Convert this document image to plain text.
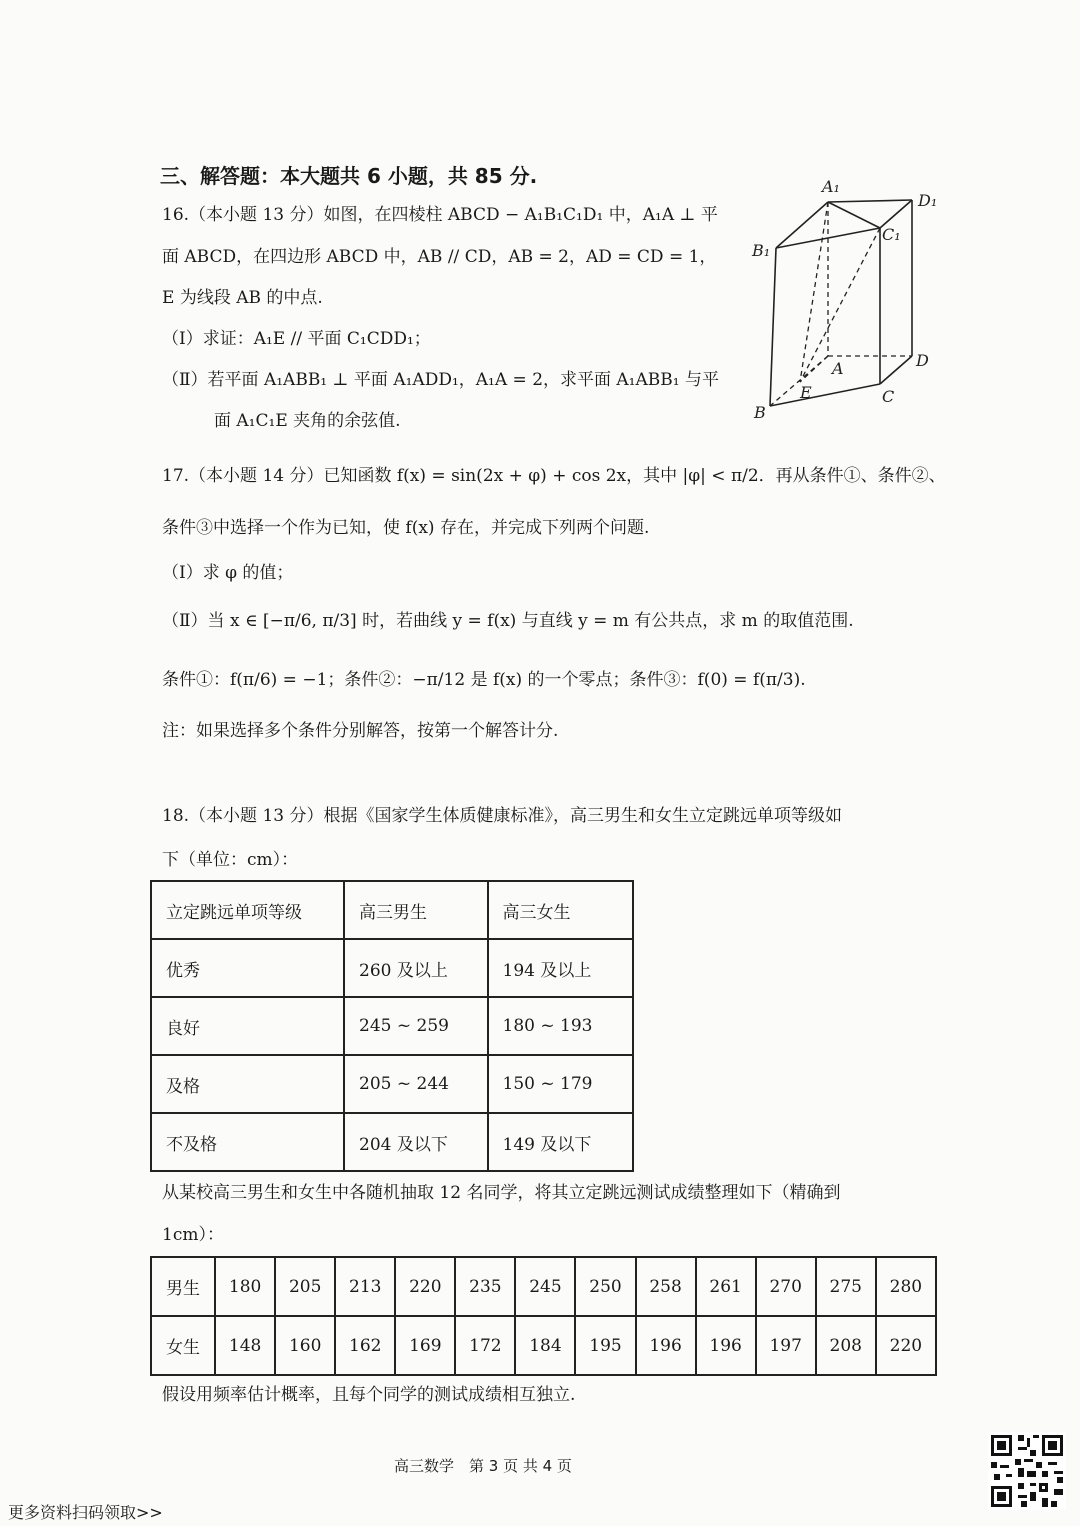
三、解答题：本大题共 6 小题，共 85 分.
16.（本小题 13 分）如图，在四棱柱 ABCD − A₁B₁C₁D₁ 中，A₁A ⊥ 平
面 ABCD，在四边形 ABCD 中，AB // CD，AB = 2，AD = CD = 1，
E 为线段 AB 的中点.
（Ⅰ）求证：A₁E // 平面 C₁CDD₁；
（Ⅱ）若平面 A₁ABB₁ ⊥ 平面 A₁ADD₁，A₁A = 2，求平面 A₁ABB₁ 与平
面 A₁C₁E 夹角的余弦值.
A₁
D₁
B₁
C₁
A	D
E
B
C
17.（本小题 14 分）已知函数 f(x) = sin(2x + φ) + cos 2x，其中 |φ| < π/2．再从条件①、条件②、
条件③中选择一个作为已知，使 f(x) 存在，并完成下列两个问题.
（Ⅰ）求 φ 的值；
（Ⅱ）当 x ∈ [−π/6, π/3] 时，若曲线 y = f(x) 与直线 y = m 有公共点，求 m 的取值范围.
条件①：f(π/6) = −1；条件②：−π/12 是 f(x) 的一个零点；条件③：f(0) = f(π/3).
注：如果选择多个条件分别解答，按第一个解答计分.
18.（本小题 13 分）根据《国家学生体质健康标准》，高三男生和女生立定跳远单项等级如
下（单位：cm）：
立定跳远单项等级	高三男生	高三女生
优秀	260 及以上	194 及以上
良好	245 ~ 259	180 ~ 193
及格	205 ~ 244	150 ~ 179
不及格	204 及以下	149 及以下
从某校高三男生和女生中各随机抽取 12 名同学，将其立定跳远测试成绩整理如下（精确到
1cm）：
男生	180	205	213	220	235	245	250	258	261	270	275	280
女生	148	160	162	169	172	184	195	196	196	197	208	220
假设用频率估计概率，且每个同学的测试成绩相互独立.
高三数学　第 3 页 共 4 页
更多资料扫码领取>>
